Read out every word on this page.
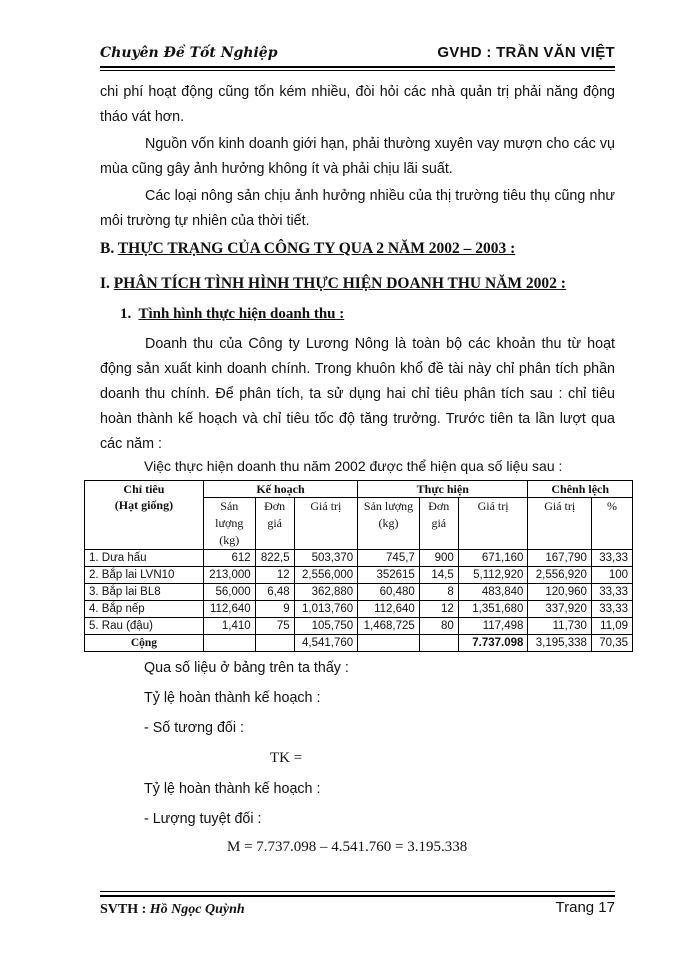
Chuyên Đề Tốt Nghiệp	GVHD : TRẦN VĂN VIỆT

chi phí hoạt động cũng tốn kém nhiều, đòi hỏi các nhà quản trị phải năng động tháo vát hơn.

Nguồn vốn kinh doanh giới hạn, phải thường xuyên vay mượn cho các vụ mùa cũng gây ảnh hưởng không ít và phải chịu lãi suất.

Các loại nông sản chịu ảnh hưởng nhiều của thị trường tiêu thụ cũng như môi trường tự nhiên của thời tiết.

B. THỰC TRẠNG CỦA CÔNG TY QUA 2 NĂM 2002 – 2003 :
I. PHÂN TÍCH TÌNH HÌNH THỰC HIỆN DOANH THU NĂM 2002 :
1. Tình hình thực hiện doanh thu :

Doanh thu của Công ty Lương Nông là toàn bộ các khoản thu từ hoạt động sản xuất kinh doanh chính. Trong khuôn khổ đề tài này chỉ phân tích phần doanh thu chính. Để phân tích, ta sử dụng hai chỉ tiêu phân tích sau : chỉ tiêu hoàn thành kế hoạch và chỉ tiêu tốc độ tăng trưởng. Trước tiên ta lần lượt qua các năm :

Việc thực hiện doanh thu năm 2002 được thể hiện qua số liệu sau :
Chỉ tiêu
(Hạt giống)	Kế hoạch			Thực hiện			Chênh lệch	
	Sản lượng (kg)	Đơn giá	Giá trị	Sản lượng (kg)	Đơn giá	Giá trị	Giá trị	%
1. Dưa hấu	612	822,5	503,370	745,7	900	671,160	167,790	33,33
2. Bắp lai LVN10	213,000	12	2,556,000	352615	14,5	5,112,920	2,556,920	100
3. Bắp lai BL8	56,000	6,48	362,880	60,480	8	483,840	120,960	33,33
4. Bắp nếp	112,640	9	1,013,760	112,640	12	1,351,680	337,920	33,33
5. Rau (đậu)	1,410	75	105,750	1,468,725	80	117,498	11,730	11,09
Cộng			4,541,760			7.737.098	3,195,338	70,35
Qua số liệu ở bảng trên ta thấy :
Tỷ lệ hoàn thành kế hoạch :
- Số tương đối :
TK =
Tỷ lệ hoàn thành kế hoạch :
- Lượng tuyệt đối :
M = 7.737.098 – 4.541.760 = 3.195.338
SVTH : Hồ Ngọc Quỳnh	Trang 17
